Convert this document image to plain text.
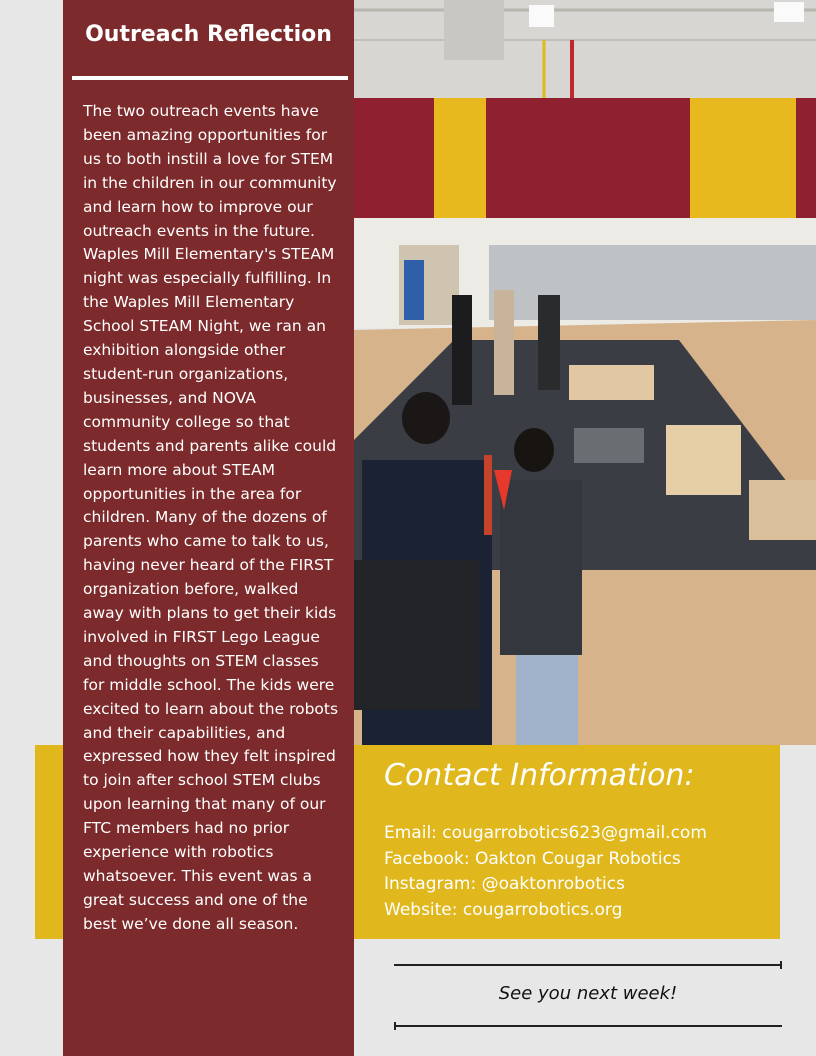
Outreach Reflection

The two outreach events have been amazing opportunities for us to both instill a love for STEM in the children in our community and learn how to improve our outreach events in the future. Waples Mill Elementary's STEAM night was especially fulfilling. In the Waples Mill Elementary School STEAM Night, we ran an exhibition alongside other student-run organizations, businesses, and NOVA community college so that students and parents alike could learn more about STEAM opportunities in the area for children. Many of the dozens of parents who came to talk to us, having never heard of the FIRST organization before, walked away with plans to get their kids involved in FIRST Lego League and thoughts on STEM classes for middle school. The kids were excited to learn about the robots and their capabilities, and expressed how they felt inspired to join after school STEM clubs upon learning that many of our FTC members had no prior experience with robotics whatsoever. This event was a great success and one of the best we’ve done all season.

Contact Information:
Email: cougarrobotics623@gmail.com
Facebook: Oakton Cougar Robotics
Instagram: @oaktonrobotics
Website: cougarrobotics.org
See you next week!
